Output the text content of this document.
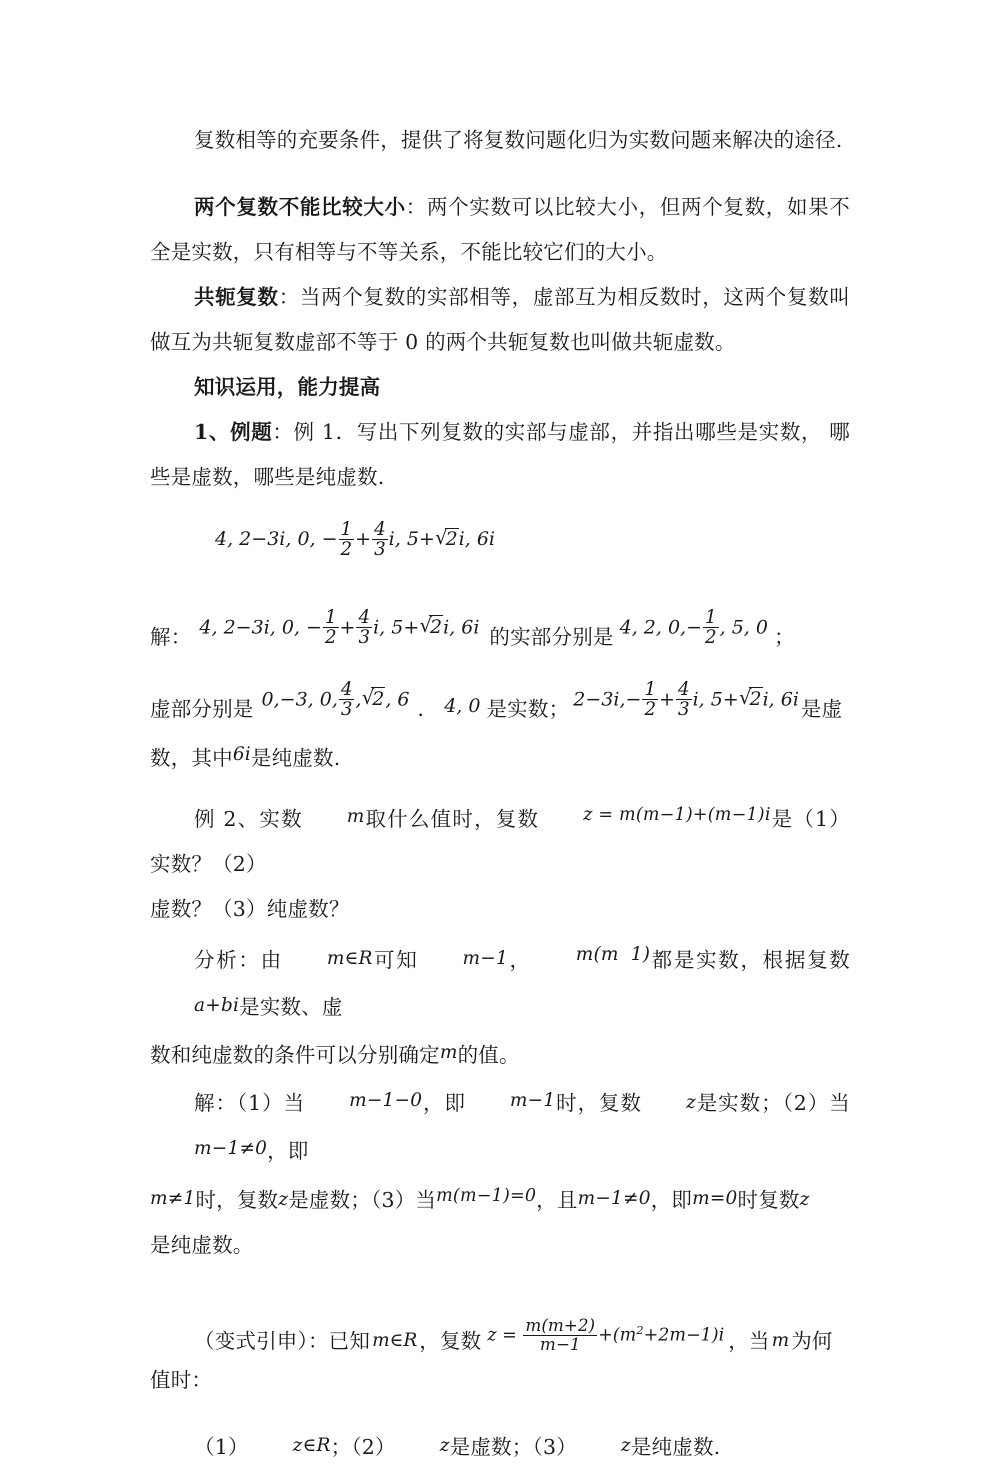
复数相等的充要条件，提供了将复数问题化归为实数问题来解决的途径.

两个复数不能比较大小：两个实数可以比较大小，但两个复数，如果不全是实数，只有相等与不等关系，不能比较它们的大小。

共轭复数：当两个复数的实部相等，虚部互为相反数时，这两个复数叫做互为共轭复数虚部不等于 0 的两个共轭复数也叫做共轭虚数。

知识运用，能力提高

1、例题：例 1．写出下列复数的实部与虚部，并指出哪些是实数， 哪些是虚数，哪些是纯虚数.

4, 2−3i, 0, − $\frac{1}{2} + \frac{4}{3} i$, 5+ √ 2i, 6i
解： 4, 2−3i, 0, − $\frac{1}{2} + \frac{4}{3} i$, 5+ √ 2i, 6i 的实部分别是 4, 2, $0,- \frac{1}{2}$ , 5, 0 ；
虚部分别是 0,−3, 0, $\frac{4}{3}$ , √ 2, 6 ． 4, 0 是实数； $2-3i,- \frac{1}{2} + \frac{4}{3} i$, 5+ √ 2i, 6i 是虚

数，其中6i是纯虚数.

例 2、实数 m取什么值时，复数	z = m(m−1)+(m−1)i是（1）实数？（2）

虚数？（3）纯虚数？

分析：由 m∈R可知 m−1， m(m  1)都是实数，根据复数a+bi是实数、虚

数和纯虚数的条件可以分别确定m的值。

解：（1）当 m−1−0，即 m−1时，复数 z是实数；（2）当m−1≠0，即

m≠1时，复数z是虚数；（3）当m(m−1)=0，且m−1≠0，即m=0时复数z

是纯虚数。

（变式引申）：已知 m∈R ，复数 $z = \frac{m(m+2)}{m-1} +(m^2+2m-1)i$ ，当 m 为何

值时：

（1） z∈R；（2） z是虚数；（3） z是纯虚数.
